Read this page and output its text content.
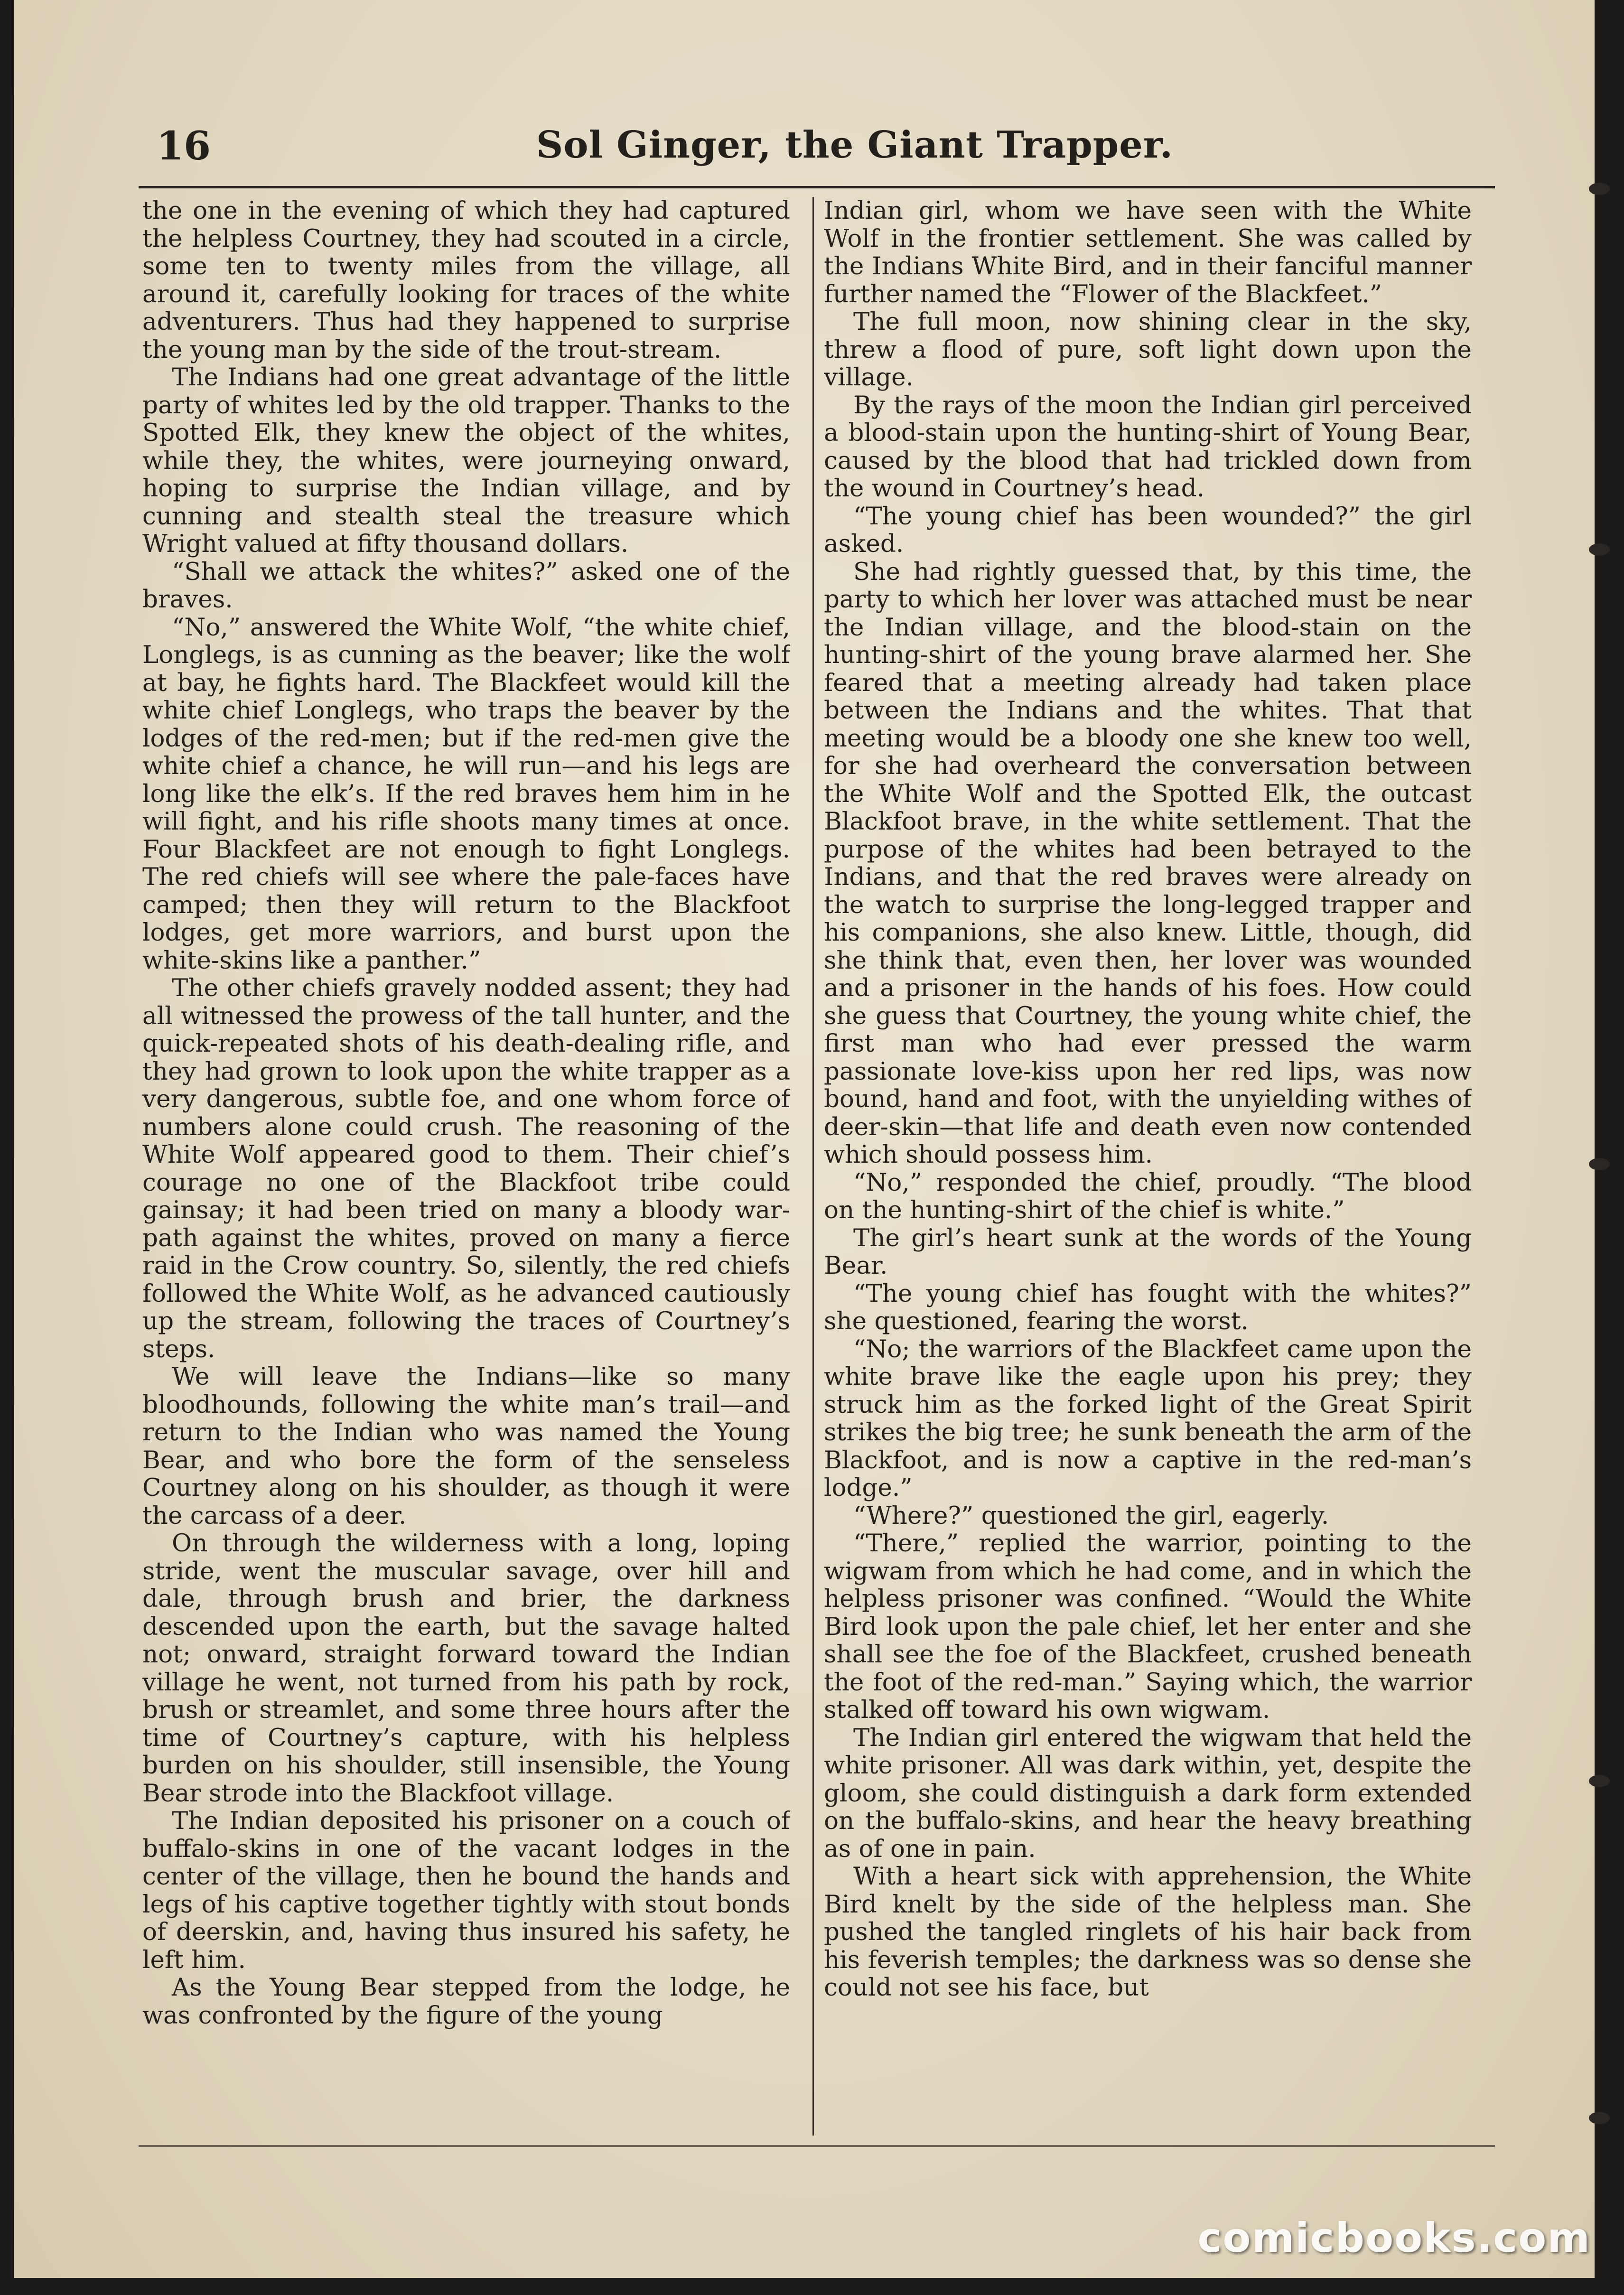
16	Sol Ginger, the Giant Trapper.

the one in the evening of which they had captured the helpless Courtney, they had scouted in a circle, some ten to twenty miles from the village, all around it, carefully looking for traces of the white adventurers. Thus had they happened to surprise the young man by the side of the trout-stream.

The Indians had one great advantage of the little party of whites led by the old trapper. Thanks to the Spotted Elk, they knew the object of the whites, while they, the whites, were journeying onward, hoping to surprise the Indian village, and by cunning and stealth steal the treasure which Wright valued at fifty thousand dollars.

“Shall we attack the whites?” asked one of the braves.

“No,” answered the White Wolf, “the white chief, Longlegs, is as cunning as the beaver; like the wolf at bay, he fights hard. The Blackfeet would kill the white chief Longlegs, who traps the beaver by the lodges of the red-men; but if the red-men give the white chief a chance, he will run—and his legs are long like the elk’s. If the red braves hem him in he will fight, and his rifle shoots many times at once. Four Blackfeet are not enough to fight Longlegs. The red chiefs will see where the pale-faces have camped; then they will return to the Blackfoot lodges, get more warriors, and burst upon the white-skins like a panther.”

The other chiefs gravely nodded assent; they had all witnessed the prowess of the tall hunter, and the quick-repeated shots of his death-dealing rifle, and they had grown to look upon the white trapper as a very dangerous, subtle foe, and one whom force of numbers alone could crush. The reasoning of the White Wolf appeared good to them. Their chief’s courage no one of the Blackfoot tribe could gainsay; it had been tried on many a bloody war-path against the whites, proved on many a fierce raid in the Crow country. So, silently, the red chiefs followed the White Wolf, as he advanced cautiously up the stream, following the traces of Courtney’s steps.

We will leave the Indians—like so many bloodhounds, following the white man’s trail—and return to the Indian who was named the Young Bear, and who bore the form of the senseless Courtney along on his shoulder, as though it were the carcass of a deer.

On through the wilderness with a long, loping stride, went the muscular savage, over hill and dale, through brush and brier, the darkness descended upon the earth, but the savage halted not; onward, straight forward toward the Indian village he went, not turned from his path by rock, brush or streamlet, and some three hours after the time of Courtney’s capture, with his helpless burden on his shoulder, still insensible, the Young Bear strode into the Blackfoot village.

The Indian deposited his prisoner on a couch of buffalo-skins in one of the vacant lodges in the center of the village, then he bound the hands and legs of his captive together tightly with stout bonds of deerskin, and, having thus insured his safety, he left him.

As the Young Bear stepped from the lodge, he was confronted by the figure of the young

Indian girl, whom we have seen with the White Wolf in the frontier settlement. She was called by the Indians White Bird, and in their fanciful manner further named the “Flower of the Blackfeet.”

The full moon, now shining clear in the sky, threw a flood of pure, soft light down upon the village.

By the rays of the moon the Indian girl perceived a blood-stain upon the hunting-shirt of Young Bear, caused by the blood that had trickled down from the wound in Courtney’s head.

“The young chief has been wounded?” the girl asked.

She had rightly guessed that, by this time, the party to which her lover was attached must be near the Indian village, and the blood-stain on the hunting-shirt of the young brave alarmed her. She feared that a meeting already had taken place between the Indians and the whites. That that meeting would be a bloody one she knew too well, for she had overheard the conversation between the White Wolf and the Spotted Elk, the outcast Blackfoot brave, in the white settlement. That the purpose of the whites had been betrayed to the Indians, and that the red braves were already on the watch to surprise the long-legged trapper and his companions, she also knew. Little, though, did she think that, even then, her lover was wounded and a prisoner in the hands of his foes. How could she guess that Courtney, the young white chief, the first man who had ever pressed the warm passionate love-kiss upon her red lips, was now bound, hand and foot, with the unyielding withes of deer-skin—that life and death even now contended which should possess him.

“No,” responded the chief, proudly. “The blood on the hunting-shirt of the chief is white.”

The girl’s heart sunk at the words of the Young Bear.

“The young chief has fought with the whites?” she questioned, fearing the worst.

“No; the warriors of the Blackfeet came upon the white brave like the eagle upon his prey; they struck him as the forked light of the Great Spirit strikes the big tree; he sunk beneath the arm of the Blackfoot, and is now a captive in the red-man’s lodge.”

“Where?” questioned the girl, eagerly.

“There,” replied the warrior, pointing to the wigwam from which he had come, and in which the helpless prisoner was confined. “Would the White Bird look upon the pale chief, let her enter and she shall see the foe of the Blackfeet, crushed beneath the foot of the red-man.” Saying which, the warrior stalked off toward his own wigwam.

The Indian girl entered the wigwam that held the white prisoner. All was dark within, yet, despite the gloom, she could distinguish a dark form extended on the buffalo-skins, and hear the heavy breathing as of one in pain.

With a heart sick with apprehension, the White Bird knelt by the side of the helpless man. She pushed the tangled ringlets of his hair back from his feverish temples; the darkness was so dense she could not see his face, but

comicbooks.com
